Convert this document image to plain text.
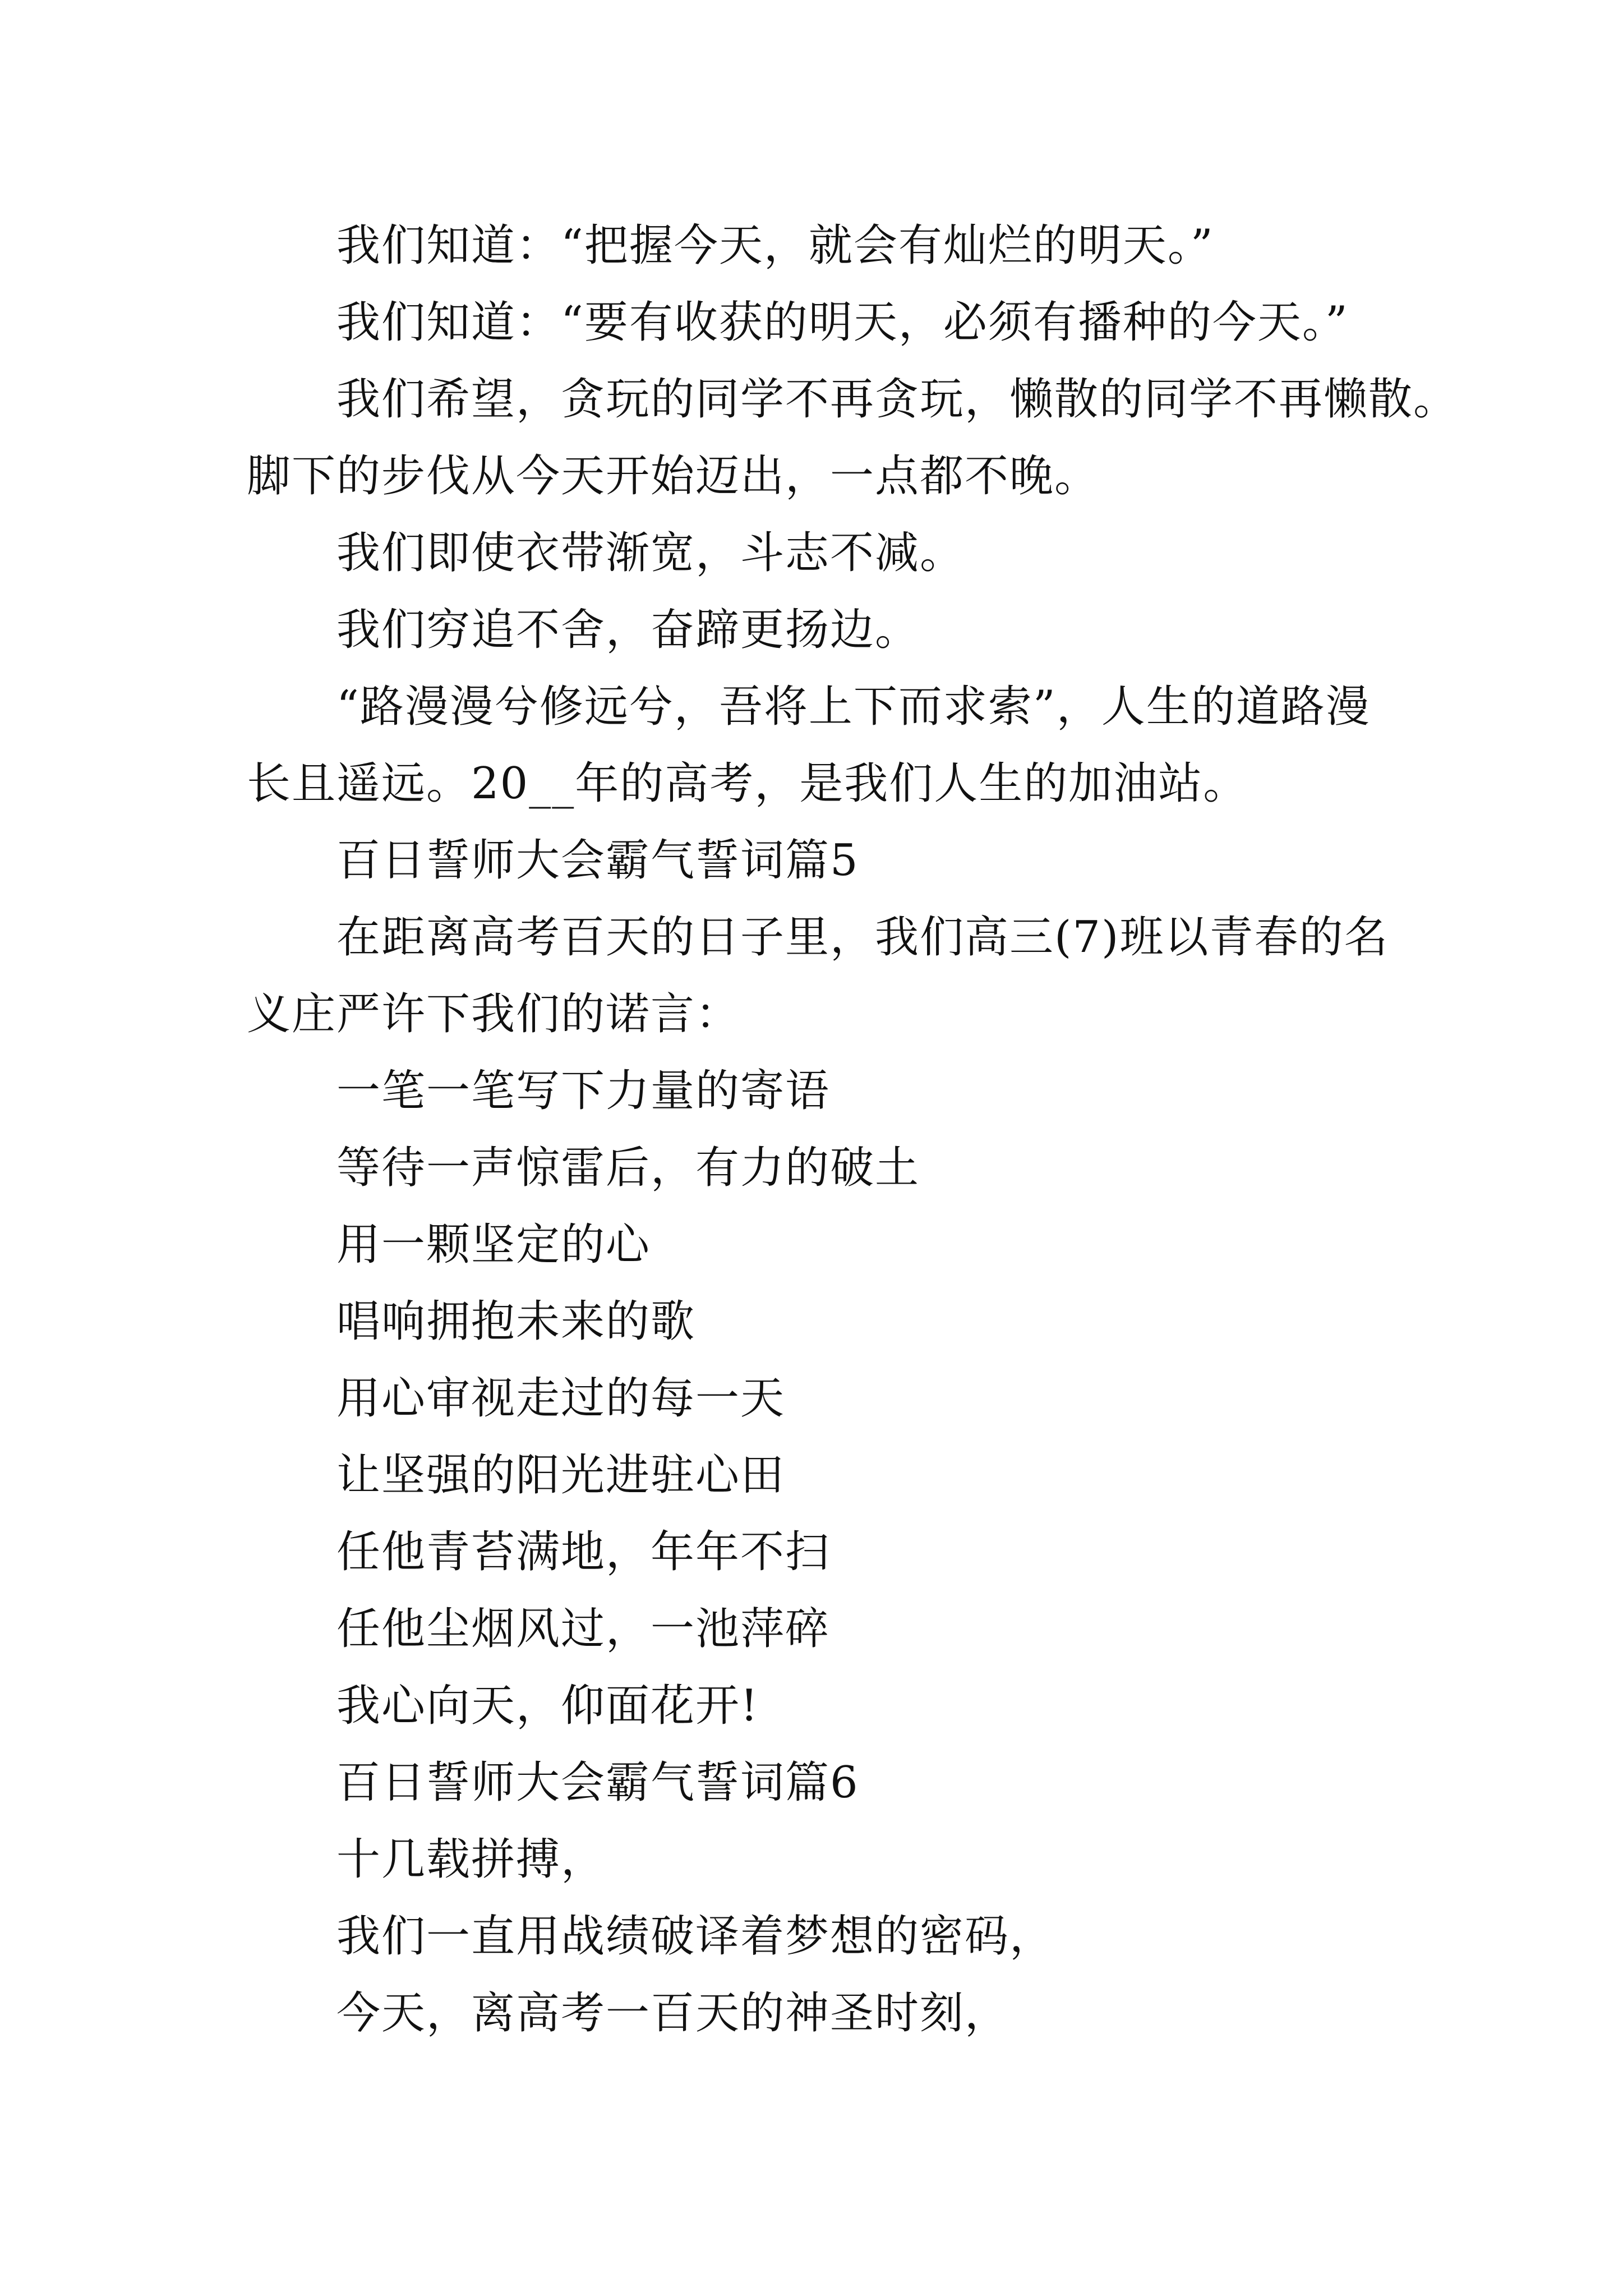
我们知道：“把握今天，就会有灿烂的明天。”
我们知道：“要有收获的明天，必须有播种的今天。”
我们希望，贪玩的同学不再贪玩，懒散的同学不再懒散。
脚下的步伐从今天开始迈出，一点都不晚。
我们即使衣带渐宽，斗志不减。
我们穷追不舍，奋蹄更扬边。
“路漫漫兮修远兮，吾将上下而求索”，人生的道路漫
长且遥远。20__年的高考，是我们人生的加油站。
百日誓师大会霸气誓词篇5
在距离高考百天的日子里，我们高三(7)班以青春的名
义庄严许下我们的诺言：
一笔一笔写下力量的寄语
等待一声惊雷后，有力的破土
用一颗坚定的心
唱响拥抱未来的歌
用心审视走过的每一天
让坚强的阳光进驻心田
任他青苔满地，年年不扫
任他尘烟风过，一池萍碎
我心向天，仰面花开!
百日誓师大会霸气誓词篇6
十几载拼搏，
我们一直用战绩破译着梦想的密码，
今天，离高考一百天的神圣时刻，
